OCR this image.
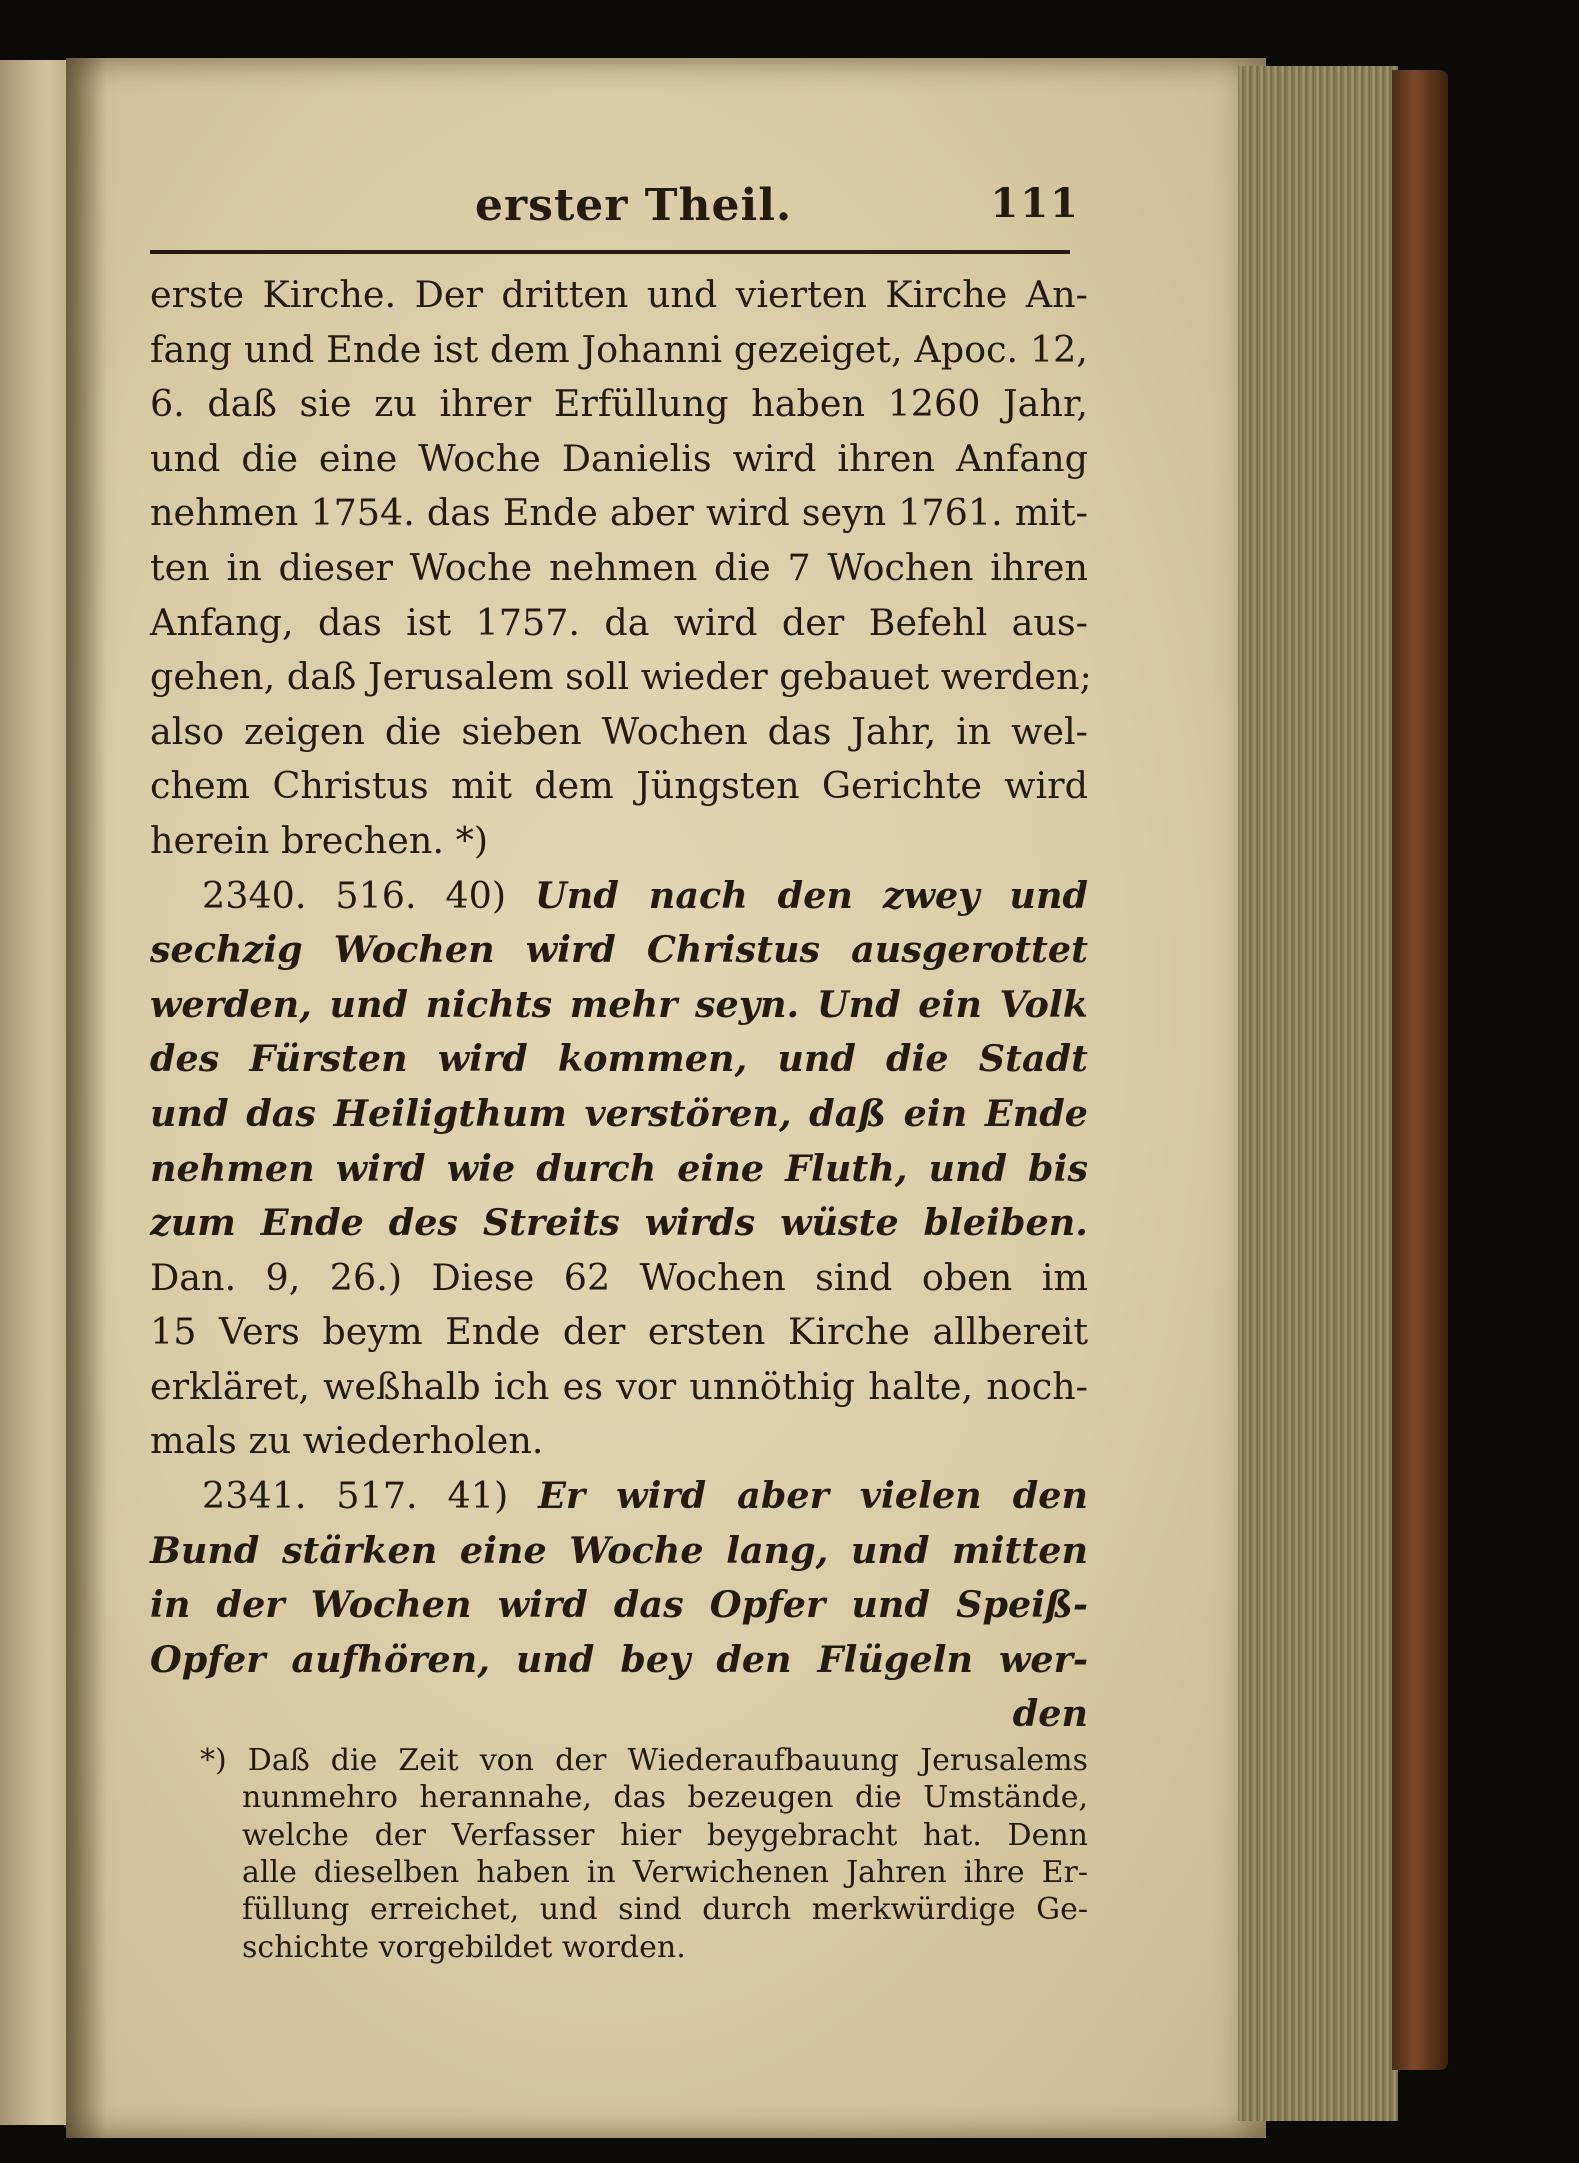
erster Theil.	111
erste Kirche. Der dritten und vierten Kirche An-
fang und Ende ist dem Johanni gezeiget, Apoc. 12,
6. daß sie zu ihrer Erfüllung haben 1260 Jahr,
und die eine Woche Danielis wird ihren Anfang
nehmen 1754. das Ende aber wird seyn 1761. mit-
ten in dieser Woche nehmen die 7 Wochen ihren
Anfang, das ist 1757. da wird der Befehl aus-
gehen, daß Jerusalem soll wieder gebauet werden;
also zeigen die sieben Wochen das Jahr, in wel-
chem Christus mit dem Jüngsten Gerichte wird
herein brechen. *)
2340. 516. 40) Und nach den zwey und
sechzig Wochen wird Christus ausgerottet
werden, und nichts mehr seyn. Und ein Volk
des Fürsten wird kommen, und die Stadt
und das Heiligthum verstören, daß ein Ende
nehmen wird wie durch eine Fluth, und bis
zum Ende des Streits wirds wüste bleiben.
Dan. 9, 26.) Diese 62 Wochen sind oben im
15 Vers beym Ende der ersten Kirche allbereit
erkläret, weßhalb ich es vor unnöthig halte, noch-
mals zu wiederholen.
2341. 517. 41) Er wird aber vielen den
Bund stärken eine Woche lang, und mitten
in der Wochen wird das Opfer und Speiß-
Opfer aufhören, und bey den Flügeln wer-
den
*) Daß die Zeit von der Wiederaufbauung Jerusalems
nunmehro herannahe, das bezeugen die Umstände,
welche der Verfasser hier beygebracht hat. Denn
alle dieselben haben in Verwichenen Jahren ihre Er-
füllung erreichet, und sind durch merkwürdige Ge-
schichte vorgebildet worden.
